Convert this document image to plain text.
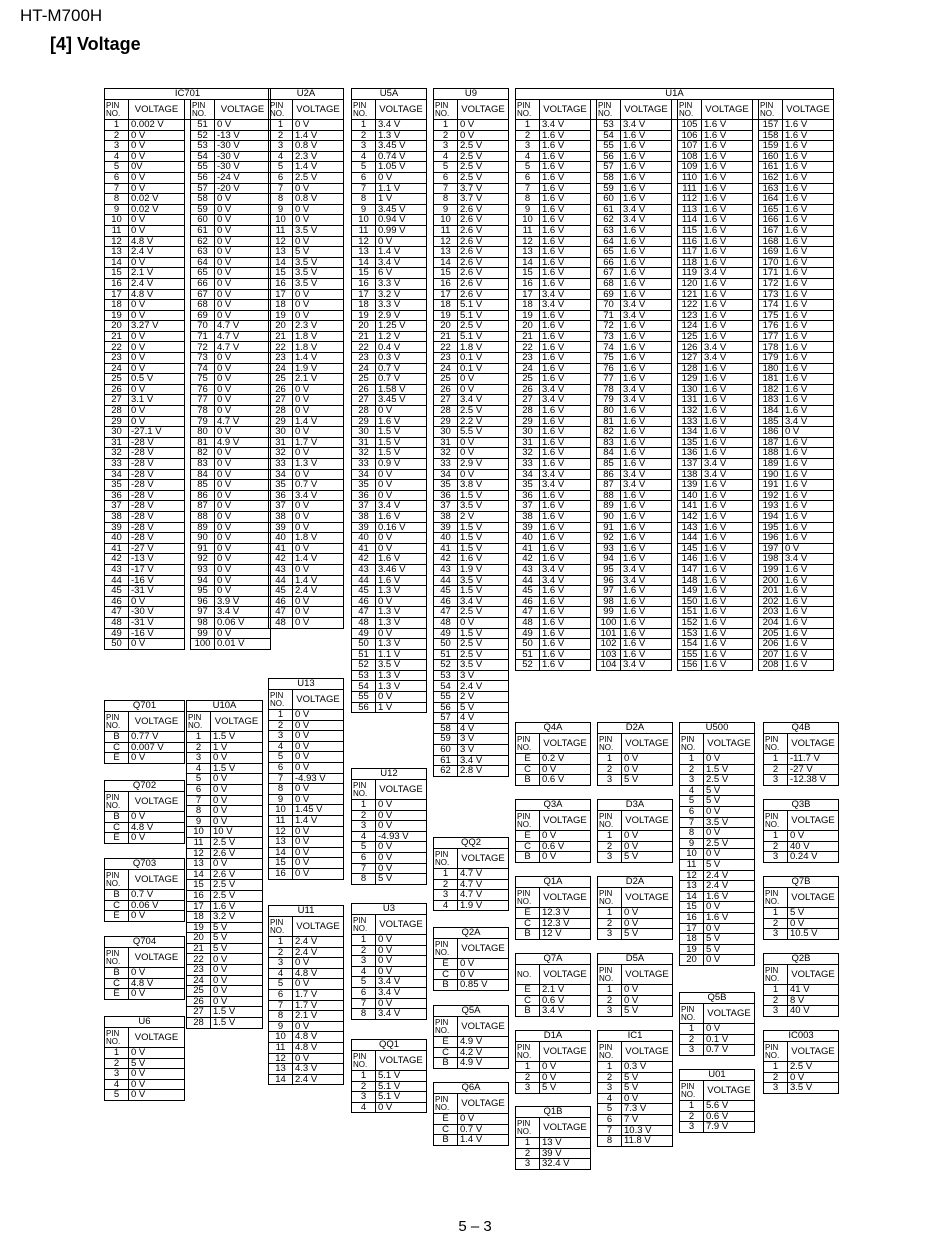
HT-M700H
[4] Voltage
IC701				
PIN
NO.	VOLTAGE		PIN
NO.	VOLTAGE
1	0.002 V		51	0 V
2	0 V		52	-13 V
3	0 V		53	-30 V
4	0 V		54	-30 V
5	0V		55	-30 V
6	0 V		56	-24 V
7	0 V		57	-20 V
8	0.02 V		58	0 V
9	0.02 V		59	0 V
10	0 V		60	0 V
11	0 V		61	0 V
12	4.8 V		62	0 V
13	2.4 V		63	0 V
14	0 V		64	0 V
15	2.1 V		65	0 V
16	2.4 V		66	0 V
17	4.8 V		67	0 V
18	0 V		68	0 V
19	0 V		69	0 V
20	3.27 V		70	4.7 V
21	0 V		71	4.7 V
22	0 V		72	4.7 V
23	0 V		73	0 V
24	0 V		74	0 V
25	0.5 V		75	0 V
26	0 V		76	0 V
27	3.1 V		77	0 V
28	0 V		78	0 V
29	0 V		79	4.7 V
30	-27.1 V		80	0 V
31	-28 V		81	4.9 V
32	-28 V		82	0 V
33	-28 V		83	0 V
34	-28 V		84	0 V
35	-28 V		85	0 V
36	-28 V		86	0 V
37	-28 V		87	0 V
38	-28 V		88	0 V
39	-28 V		89	0 V
40	-28 V		90	0 V
41	-27 V		91	0 V
42	-13 V		92	0 V
43	-17 V		93	0 V
44	-16 V		94	0 V
45	-31 V		95	0 V
46	0 V		96	3.9 V
47	-30 V		97	3.4 V
48	-31 V		98	0.06 V
49	-16 V		99	0 V
50	0 V		100	0.01 V
U2A	
PIN
NO.	VOLTAGE
1	0 V
2	1.4 V
3	0.8 V
4	2.3 V
5	1.4 V
6	2.5 V
7	0 V
8	0.8 V
9	0 V
10	0 V
11	3.5 V
12	0 V
13	5 V
14	3.5 V
15	3.5 V
16	3.5 V
17	0 V
18	0 V
19	0 V
20	2.3 V
21	1.8 V
22	1.8 V
23	1.4 V
24	1.9 V
25	2.1 V
26	0 V
27	0 V
28	0 V
29	1.4 V
30	0 V
31	1.7 V
32	0 V
33	1.3 V
34	0 V
35	0.7 V
36	3.4 V
37	0 V
38	0 V
39	0 V
40	1.8 V
41	0 V
42	1.4 V
43	0 V
44	1.4 V
45	2.4 V
46	0 V
47	0 V
48	0 V
U5A	
PIN
NO.	VOLTAGE
1	3.4 V
2	1.3 V
3	3.45 V
4	0.74 V
5	1.05 V
6	0 V
7	1.1 V
8	1 V
9	3.45 V
10	0.94 V
11	0.99 V
12	0 V
13	1.4 V
14	3.4 V
15	6 V
16	3.3 V
17	3.2 V
18	3.3 V
19	2.9 V
20	1.25 V
21	1.2 V
22	0.4 V
23	0.3 V
24	0.7 V
25	0.7 V
26	1.58 V
27	3.45 V
28	0 V
29	1.6 V
30	1.5 V
31	1.5 V
32	1.5 V
33	0.9 V
34	0 V
35	0 V
36	0 V
37	3.4 V
38	1.6 V
39	0.16 V
40	0 V
41	0 V
42	1.6 V
43	3.46 V
44	1.6 V
45	1.3 V
46	0 V
47	1.3 V
48	1.3 V
49	0 V
50	1.3 V
51	1.1 V
52	3.5 V
53	1.3 V
54	1.3 V
55	0 V
56	1 V
U9	
PIN
NO.	VOLTAGE
1	0 V
2	0 V
3	2.5 V
4	2.5 V
5	2.5 V
6	2.5 V
7	3.7 V
8	3.7 V
9	2.6 V
10	2.6 V
11	2.6 V
12	2.6 V
13	2.6 V
14	2.6 V
15	2.6 V
16	2.6 V
17	2.6 V
18	5.1 V
19	5.1 V
20	2.5 V
21	5.1 V
22	1.8 V
23	0.1 V
24	0.1 V
25	0 V
26	0 V
27	3.4 V
28	2.5 V
29	2.2 V
30	5.5 V
31	0 V
32	0 V
33	2.9 V
34	0 V
35	3.8 V
36	1.5 V
37	3.5 V
38	2 V
39	1.5 V
40	1.5 V
41	1.5 V
42	1.6 V
43	1.9 V
44	3.5 V
45	1.5 V
46	3.4 V
47	2.5 V
48	0 V
49	1.5 V
50	2.5 V
51	2.5 V
52	3.5 V
53	3 V
54	2.4 V
55	2 V
56	5 V
57	4 V
58	4 V
59	3 V
60	3 V
61	3.4 V
62	2.8 V
U1A										
PIN
NO.	VOLTAGE		PIN
NO.	VOLTAGE		PIN
NO.	VOLTAGE		PIN
NO.	VOLTAGE
1	3.4 V		53	3.4 V		105	1.6 V		157	1.6 V
2	1.6 V		54	1.6 V		106	1.6 V		158	1.6 V
3	1.6 V		55	1.6 V		107	1.6 V		159	1.6 V
4	1.6 V		56	1.6 V		108	1.6 V		160	1.6 V
5	1.6 V		57	1.6 V		109	1.6 V		161	1.6 V
6	1.6 V		58	1.6 V		110	1.6 V		162	1.6 V
7	1.6 V		59	1.6 V		111	1.6 V		163	1.6 V
8	1.6 V		60	1.6 V		112	1.6 V		164	1.6 V
9	1.6 V		61	3.4 V		113	1.6 V		165	1.6 V
10	1.6 V		62	3.4 V		114	1.6 V		166	1.6 V
11	1.6 V		63	1.6 V		115	1.6 V		167	1.6 V
12	1.6 V		64	1.6 V		116	1.6 V		168	1.6 V
13	1.6 V		65	1.6 V		117	1.6 V		169	1.6 V
14	1.6 V		66	1.6 V		118	1.6 V		170	1.6 V
15	1.6 V		67	1.6 V		119	3.4 V		171	1.6 V
16	1.6 V		68	1.6 V		120	1.6 V		172	1.6 V
17	3.4 V		69	1.6 V		121	1.6 V		173	1.6 V
18	3.4 V		70	3.4 V		122	1.6 V		174	1.6 V
19	1.6 V		71	3.4 V		123	1.6 V		175	1.6 V
20	1.6 V		72	1.6 V		124	1.6 V		176	1.6 V
21	1.6 V		73	1.6 V		125	1.6 V		177	1.6 V
22	1.6 V		74	1.6 V		126	3.4 V		178	1.6 V
23	1.6 V		75	1.6 V		127	3.4 V		179	1.6 V
24	1.6 V		76	1.6 V		128	1.6 V		180	1.6 V
25	1.6 V		77	1.6 V		129	1.6 V		181	1.6 V
26	3.4 V		78	3.4 V		130	1.6 V		182	1.6 V
27	3.4 V		79	3.4 V		131	1.6 V		183	1.6 V
28	1.6 V		80	1.6 V		132	1.6 V		184	1.6 V
29	1.6 V		81	1.6 V		133	1.6 V		185	3.4 V
30	1.6 V		82	1.6 V		134	1.6 V		186	0 V
31	1.6 V		83	1.6 V		135	1.6 V		187	1.6 V
32	1.6 V		84	1.6 V		136	1.6 V		188	1.6 V
33	1.6 V		85	1.6 V		137	3.4 V		189	1.6 V
34	3.4 V		86	3.4 V		138	3.4 V		190	1.6 V
35	3.4 V		87	3.4 V		139	1.6 V		191	1.6 V
36	1.6 V		88	1.6 V		140	1.6 V		192	1.6 V
37	1.6 V		89	1.6 V		141	1.6 V		193	1.6 V
38	1.6 V		90	1.6 V		142	1.6 V		194	1.6 V
39	1.6 V		91	1.6 V		143	1.6 V		195	1.6 V
40	1.6 V		92	1.6 V		144	1.6 V		196	1.6 V
41	1.6 V		93	1.6 V		145	1.6 V		197	0 V
42	1.6 V		94	1.6 V		146	1.6 V		198	3.4 V
43	3.4 V		95	3.4 V		147	1.6 V		199	1.6 V
44	3.4 V		96	3.4 V		148	1.6 V		200	1.6 V
45	1.6 V		97	1.6 V		149	1.6 V		201	1.6 V
46	1.6 V		98	1.6 V		150	1.6 V		202	1.6 V
47	1.6 V		99	1.6 V		151	1.6 V		203	1.6 V
48	1.6 V		100	1.6 V		152	1.6 V		204	1.6 V
49	1.6 V		101	1.6 V		153	1.6 V		205	1.6 V
50	1.6 V		102	1.6 V		154	1.6 V		206	1.6 V
51	1.6 V		103	1.6 V		155	1.6 V		207	1.6 V
52	1.6 V		104	3.4 V		156	1.6 V		208	1.6 V
Q701	
PIN
NO.	VOLTAGE
B	0.77 V
C	0.007 V
E	0 V
U10A	
PIN
NO.	VOLTAGE
1	1.5 V
2	1 V
3	0 V
4	1.5 V
5	0 V
6	0 V
7	0 V
8	0 V
9	0 V
10	10 V
11	2.5 V
12	2.6 V
13	0 V
14	2.6 V
15	2.5 V
16	2.5 V
17	1.6 V
18	3.2 V
19	5 V
20	5 V
21	5 V
22	0 V
23	0 V
24	0 V
25	0 V
26	0 V
27	1.5 V
28	1.5 V
Q702	
PIN
NO.	VOLTAGE
B	0 V
C	4.8 V
E	0 V
Q703	
PIN
NO.	VOLTAGE
B	0.7 V
C	0.06 V
E	0 V
Q704	
PIN
NO.	VOLTAGE
B	0 V
C	4.8 V
E	0 V
U6	
PIN
NO.	VOLTAGE
1	0 V
2	5 V
3	0 V
4	0 V
5	0 V
U13	
PIN
NO.	VOLTAGE
1	0 V
2	0 V
3	0 V
4	0 V
5	0 V
6	0 V
7	-4.93 V
8	0 V
9	0 V
10	1.45 V
11	1.4 V
12	0 V
13	0 V
14	0 V
15	0 V
16	0 V
U11	
PIN
NO.	VOLTAGE
1	2.4 V
2	2.4 V
3	0 V
4	4.8 V
5	0 V
6	1.7 V
7	1.7 V
8	2.1 V
9	0 V
10	4.8 V
11	4.8 V
12	0 V
13	4.3 V
14	2.4 V
U12	
PIN
NO.	VOLTAGE
1	0 V
2	0 V
3	0 V
4	-4.93 V
5	0 V
6	0 V
7	0 V
8	5 V
U3	
PIN
NO.	VOLTAGE
1	0 V
2	0 V
3	0 V
4	0 V
5	3.4 V
6	3.4 V
7	0 V
8	3.4 V
QQ1	
PIN
NO.	VOLTAGE
1	5.1 V
2	5.1 V
3	5.1 V
4	0 V
QQ2	
PIN
NO.	VOLTAGE
1	4.7 V
2	4.7 V
3	4.7 V
4	1.9 V
Q2A	
PIN
NO.	VOLTAGE
E	0 V
C	0 V
B	0.85 V
Q5A	
PIN
NO.	VOLTAGE
E	4.9 V
C	4.2 V
B	4.9 V
Q6A	
PIN
NO.	VOLTAGE
E	0 V
C	0.7 V
B	1.4 V
Q4A	
PIN
NO.	VOLTAGE
E	0.2 V
C	0 V
B	0.6 V
Q3A	
PIN
NO.	VOLTAGE
E	0 V
C	0.6 V
B	0 V
Q1A	
PIN
NO.	VOLTAGE
E	12.3 V
C	12.3 V
B	12 V
Q7A	
NO.	VOLTAGE
E	2.1 V
C	0.6 V
B	3.4 V
D1A	
PIN
NO.	VOLTAGE
1	0 V
2	0 V
3	5 V
Q1B	
PIN
NO.	VOLTAGE
1	13 V
2	39 V
3	32.4 V
D2A	
PIN
NO.	VOLTAGE
1	0 V
2	0 V
3	5 V
D3A	
PIN
NO.	VOLTAGE
1	0 V
2	0 V
3	5 V
D2A	
PIN
NO.	VOLTAGE
1	0 V
2	0 V
3	5 V
D5A	
PIN
NO.	VOLTAGE
1	0 V
2	0 V
3	5 V
IC1	
PIN
NO.	VOLTAGE
1	0.3 V
2	5 V
3	5 V
4	0 V
5	7.3 V
6	7 V
7	10.3 V
8	11.8 V
U500	
PIN
NO.	VOLTAGE
1	0 V
2	1.5 V
3	2.5 V
4	5 V
5	5 V
6	0 V
7	3.5 V
8	0 V
9	2.5 V
10	0 V
11	5 V
12	2.4 V
13	2.4 V
14	1.6 V
15	0 V
16	1.6 V
17	0 V
18	5 V
19	5 V
20	0 V
Q5B	
PIN
NO.	VOLTAGE
1	0 V
2	0.1 V
3	0.7 V
U01	
PIN
NO.	VOLTAGE
1	5.6 V
2	0.6 V
3	7.9 V
Q4B	
PIN
NO.	VOLTAGE
1	-11.7 V
2	-27 V
3	-12.38 V
Q3B	
PIN
NO.	VOLTAGE
1	0 V
2	40 V
3	0.24 V
Q7B	
PIN
NO.	VOLTAGE
1	5 V
2	0 V
3	10.5 V
Q2B	
PIN
NO.	VOLTAGE
1	41 V
2	8 V
3	40 V
IC003	
PIN
NO.	VOLTAGE
1	2.5 V
2	0 V
3	3.5 V
5 – 3
